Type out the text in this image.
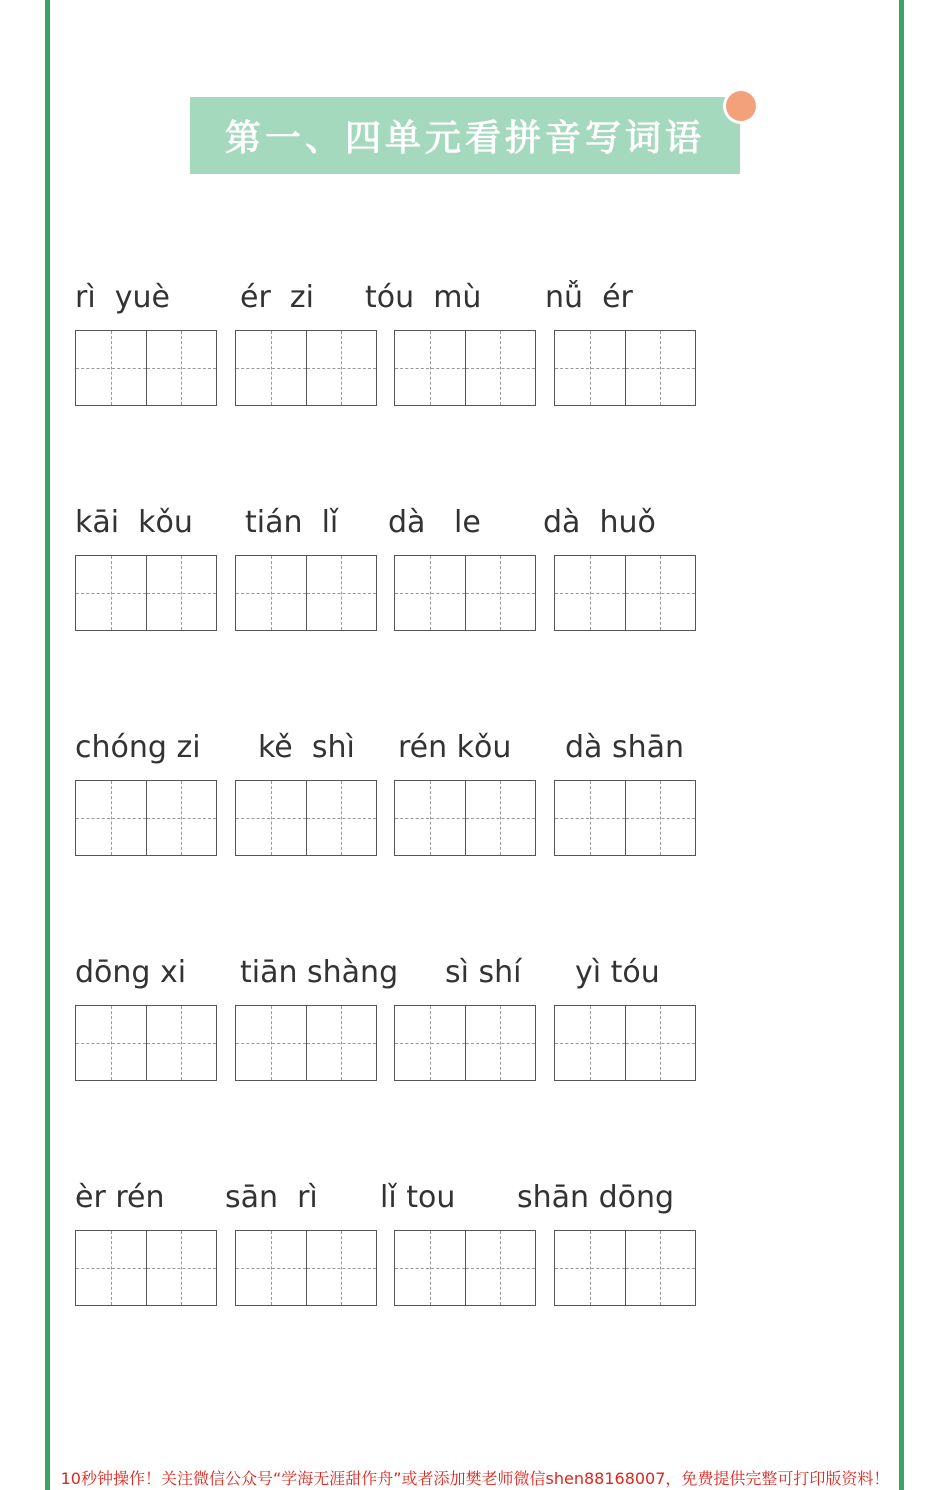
第一、四单元看拼音写词语
rì  yuè ér  zi tóu  mù nǚ  ér
kāi  kǒu tián  lǐ dà   le dà  huǒ
chóng zi kě  shì rén kǒu dà shān
dōng xi tiān shàng sì shí yì tóu
èr rén sān  rì lǐ tou shān dōng
10秒钟操作！关注微信公众号“学海无涯甜作舟”或者添加樊老师微信shen88168007，免费提供完整可打印版资料！
